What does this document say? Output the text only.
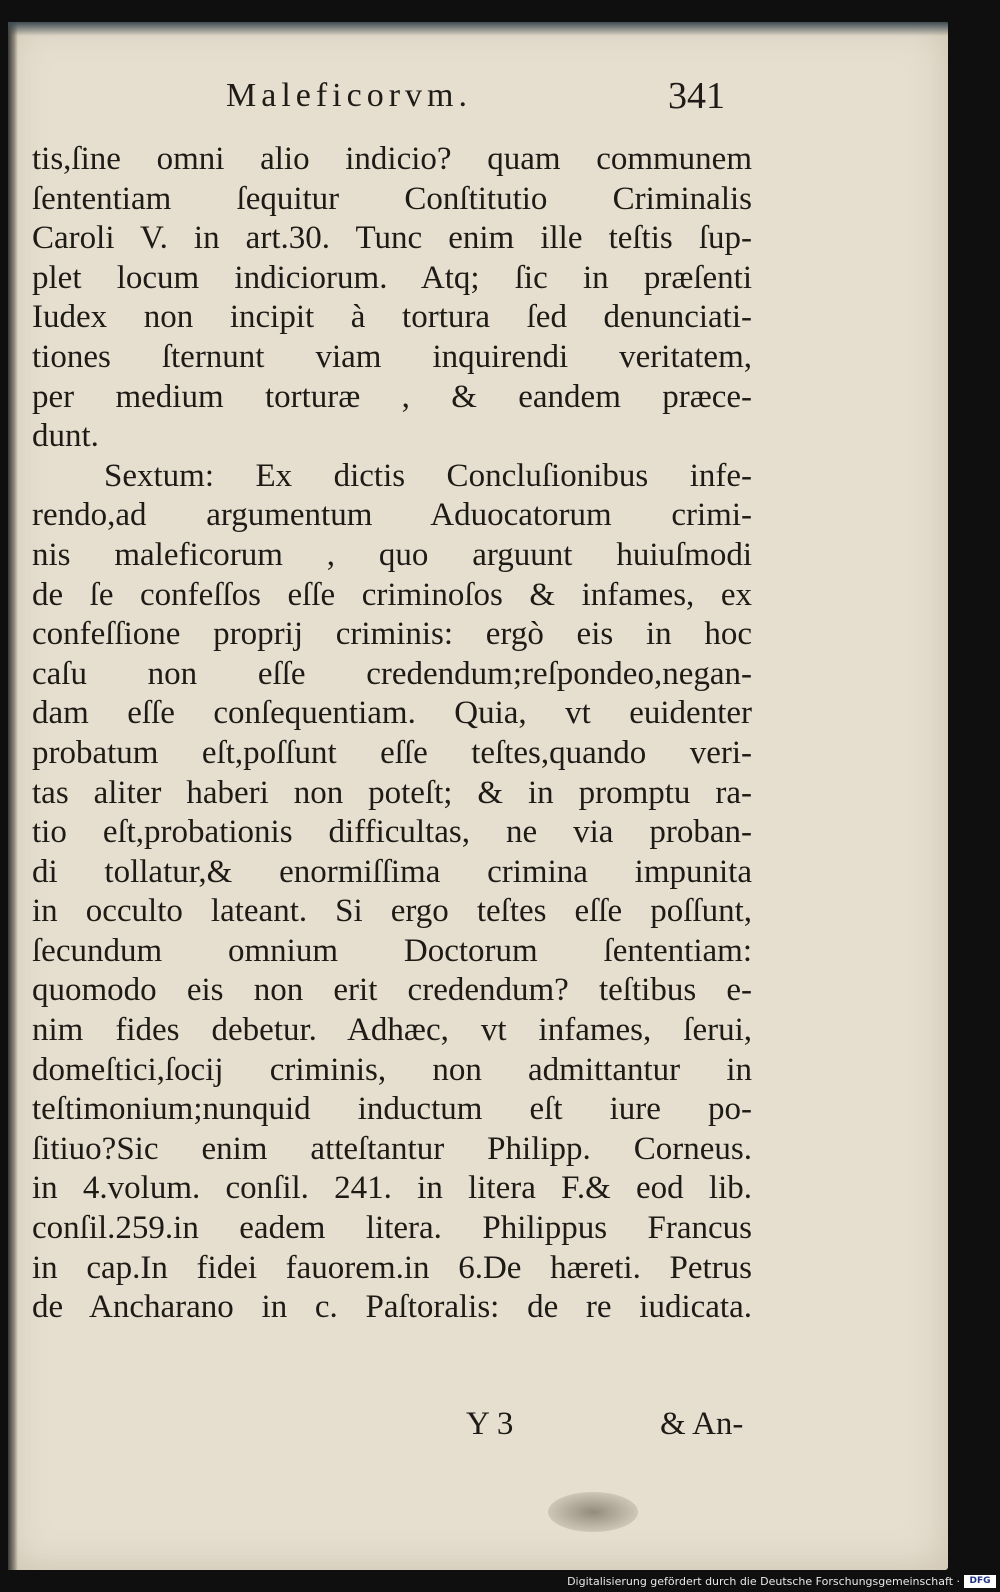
Maleficorvm.	341
tis,ſine omni alio indicio? quam communem
ſententiam ſequitur Conſtitutio Criminalis
Caroli V. in art.30. Tunc enim ille teſtis ſup-
plet locum indiciorum. Atq; ſic in præſenti
Iudex non incipit à tortura ſed denunciati-
tiones ſternunt viam inquirendi veritatem,
per medium torturæ , & eandem præce-
dunt.
Sextum: Ex dictis Concluſionibus infe-
rendo,ad argumentum Aduocatorum crimi-
nis maleficorum , quo arguunt huiuſmodi
de ſe confeſſos eſſe criminoſos & infames, ex
confeſſione proprij criminis: ergò eis in hoc
caſu non eſſe credendum;reſpondeo,negan-
dam eſſe conſequentiam. Quia, vt euidenter
probatum eſt,poſſunt eſſe teſtes,quando veri-
tas aliter haberi non poteſt; & in promptu ra-
tio eſt,probationis difficultas, ne via proban-
di tollatur,& enormiſſima crimina impunita
in occulto lateant. Si ergo teſtes eſſe poſſunt,
ſecundum omnium Doctorum ſententiam:
quomodo eis non erit credendum? teſtibus e-
nim fides debetur. Adhæc, vt infames, ſerui,
domeſtici,ſocij criminis, non admittantur in
teſtimonium;nunquid inductum eſt iure po-
ſitiuo?Sic enim atteſtantur Philipp. Corneus.
in 4.volum. conſil. 241. in litera F.& eod lib.
conſil.259.in eadem litera. Philippus Francus
in cap.In fidei fauorem.in 6.De hæreti. Petrus
de Ancharano in c. Paſtoralis: de re iudicata.
Y 3	& An-
Digitalisierung gefördert durch die Deutsche Forschungsgemeinschaft ·	DFG
